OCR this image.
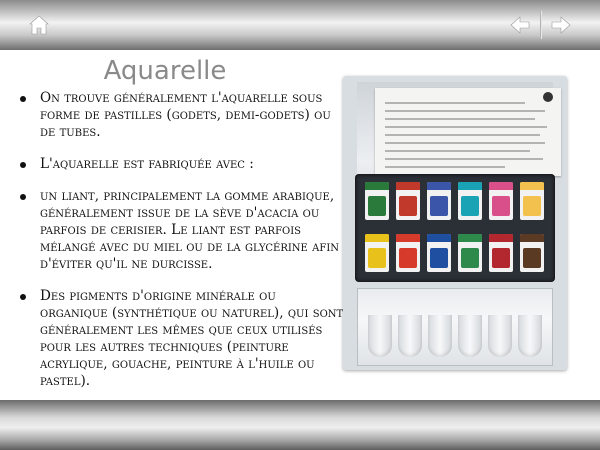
Aquarelle
On trouve généralement l'aquarelle sous forme de pastilles (godets, demi-godets) ou de tubes.
L'aquarelle est fabriquée avec :
un liant, principalement la gomme arabique, généralement issue de la sève d'acacia ou parfois de cerisier. Le liant est parfois mélangé avec du miel ou de la glycérine afin d'éviter qu'il ne durcisse.
Des pigments d'origine minérale ou organique (synthétique ou naturel), qui sont généralement les mêmes que ceux utilisés pour les autres techniques (peinture acrylique, gouache, peinture à l'huile ou pastel).
